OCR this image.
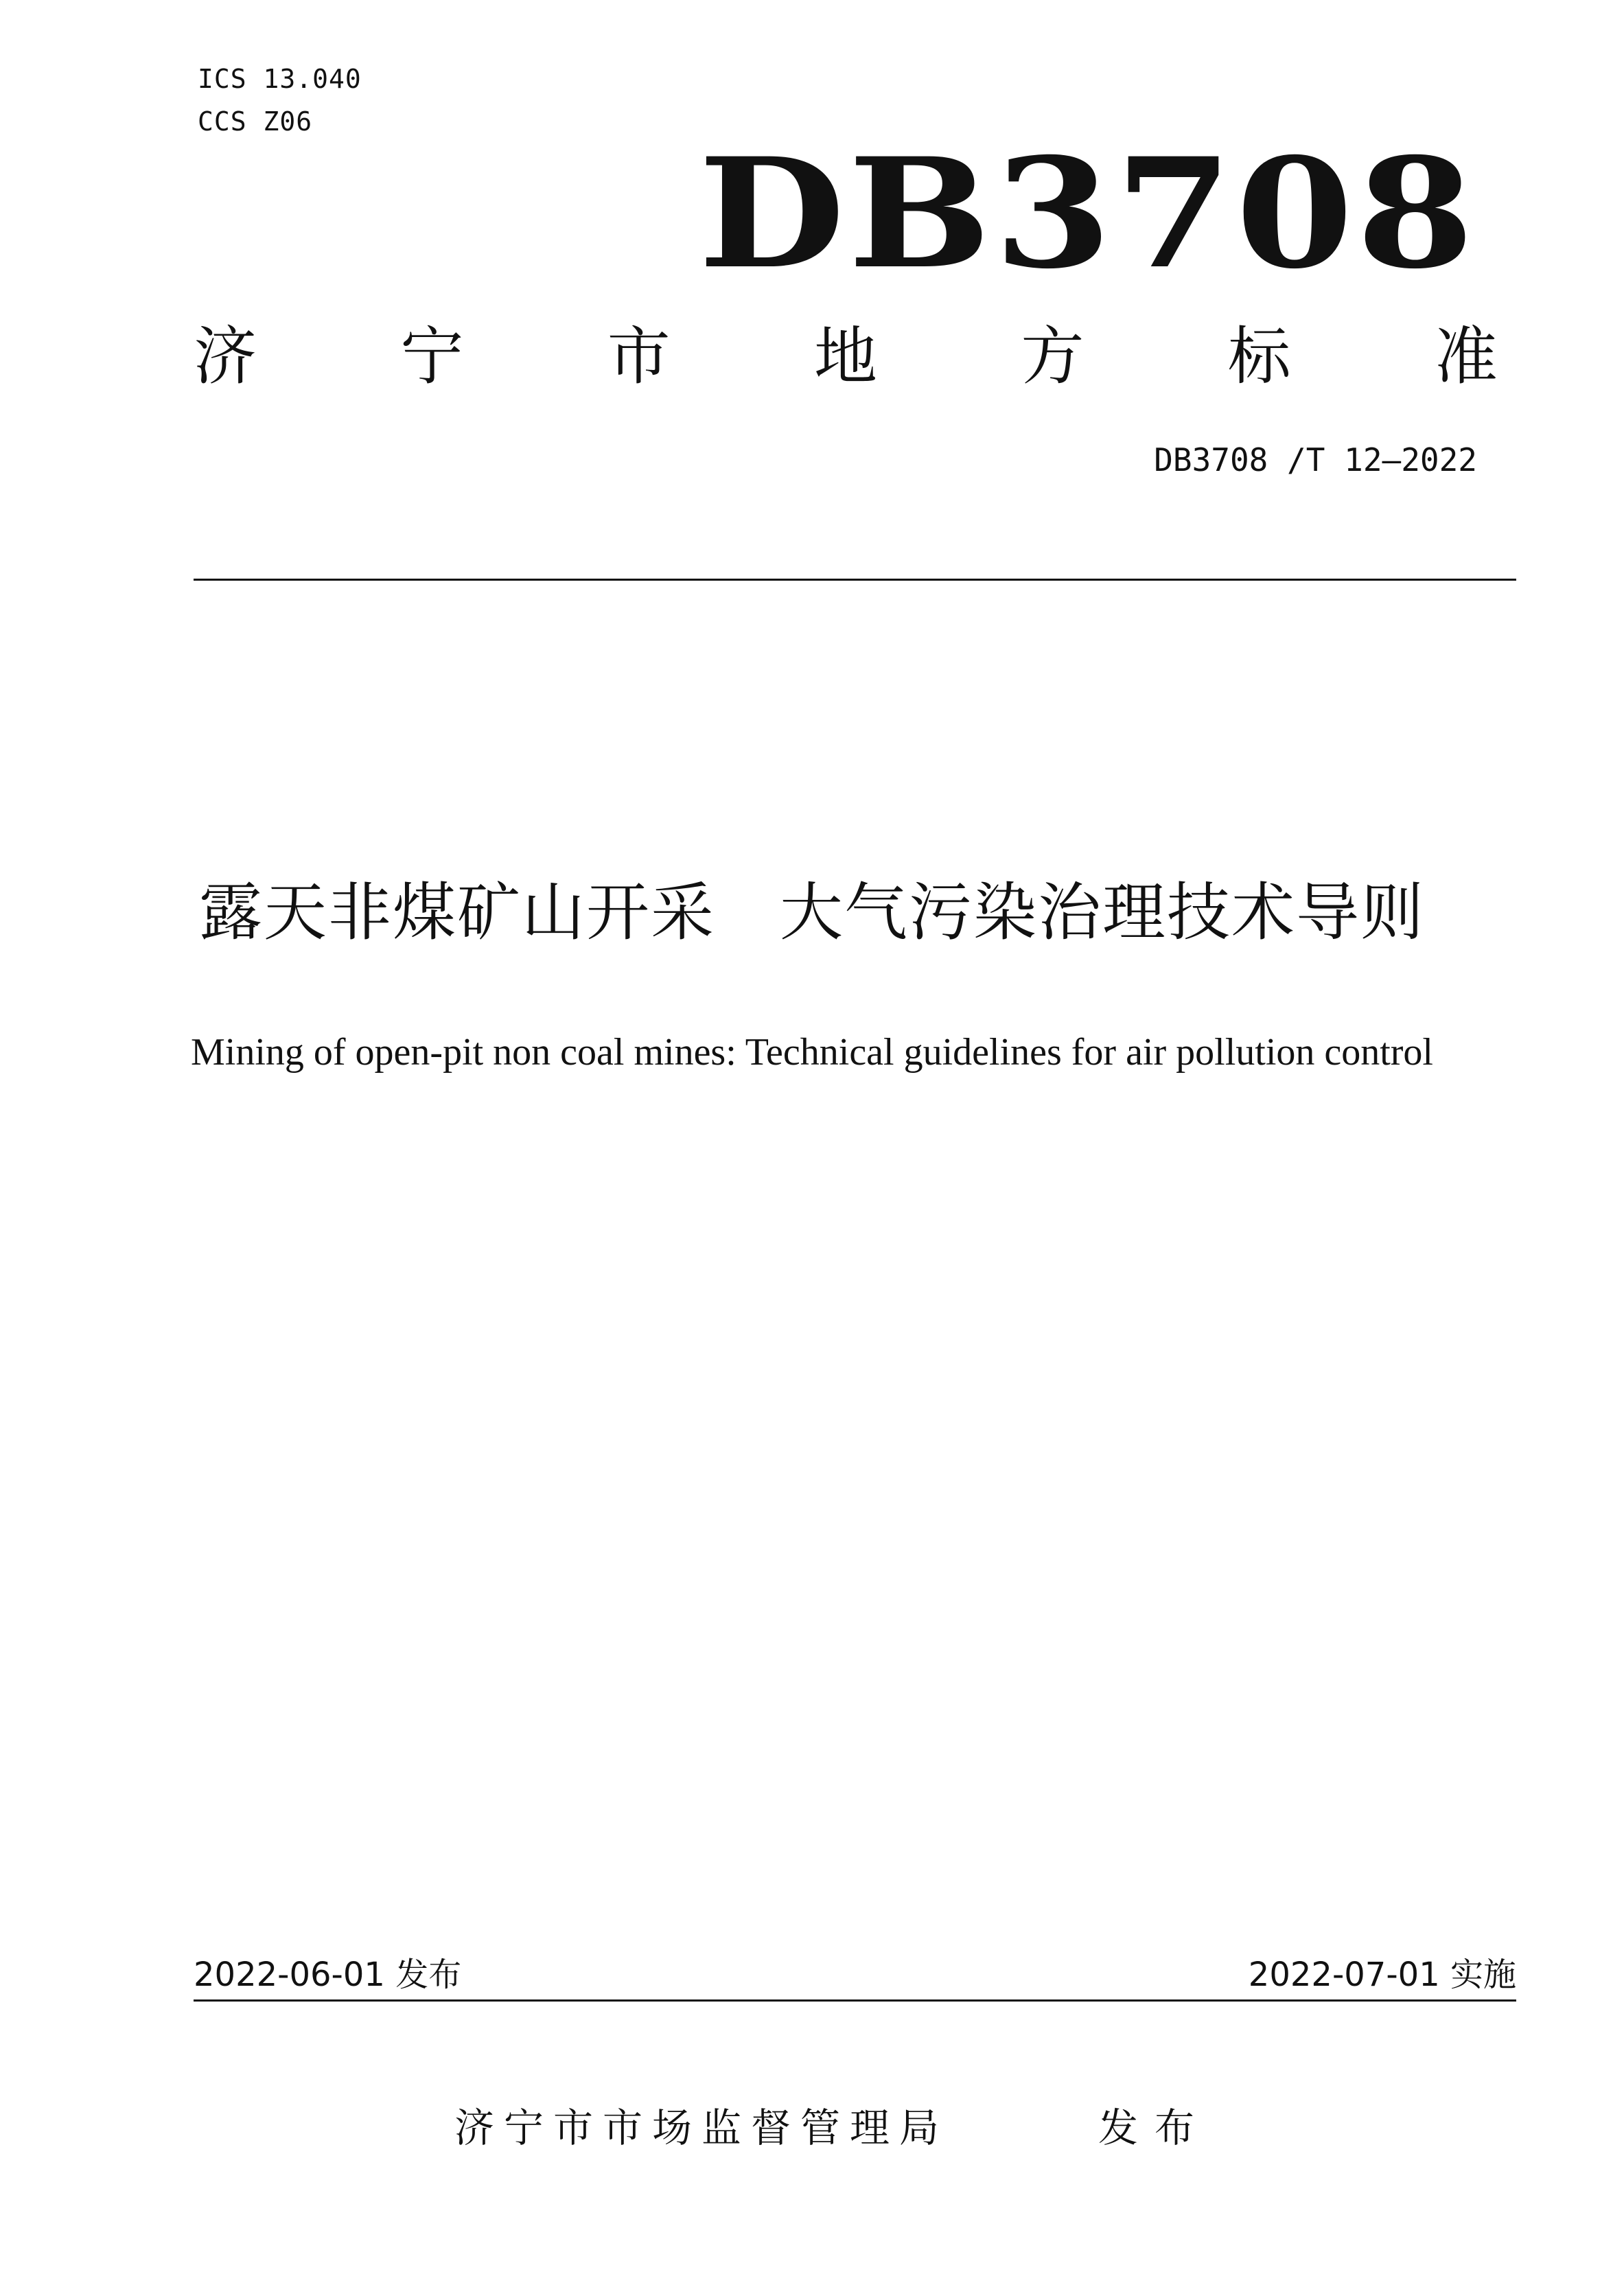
ICS 13.040
CCS Z06
DB3708
济 宁 市 地 方 标 准
DB3708 /T 12—2022
露天非煤矿山开采　大气污染治理技术导则
Mining of open-pit non coal mines: Technical guidelines for air pollution control
2022-06-01 发布	2022-07-01 实施
济宁市市场监督管理局	发布
